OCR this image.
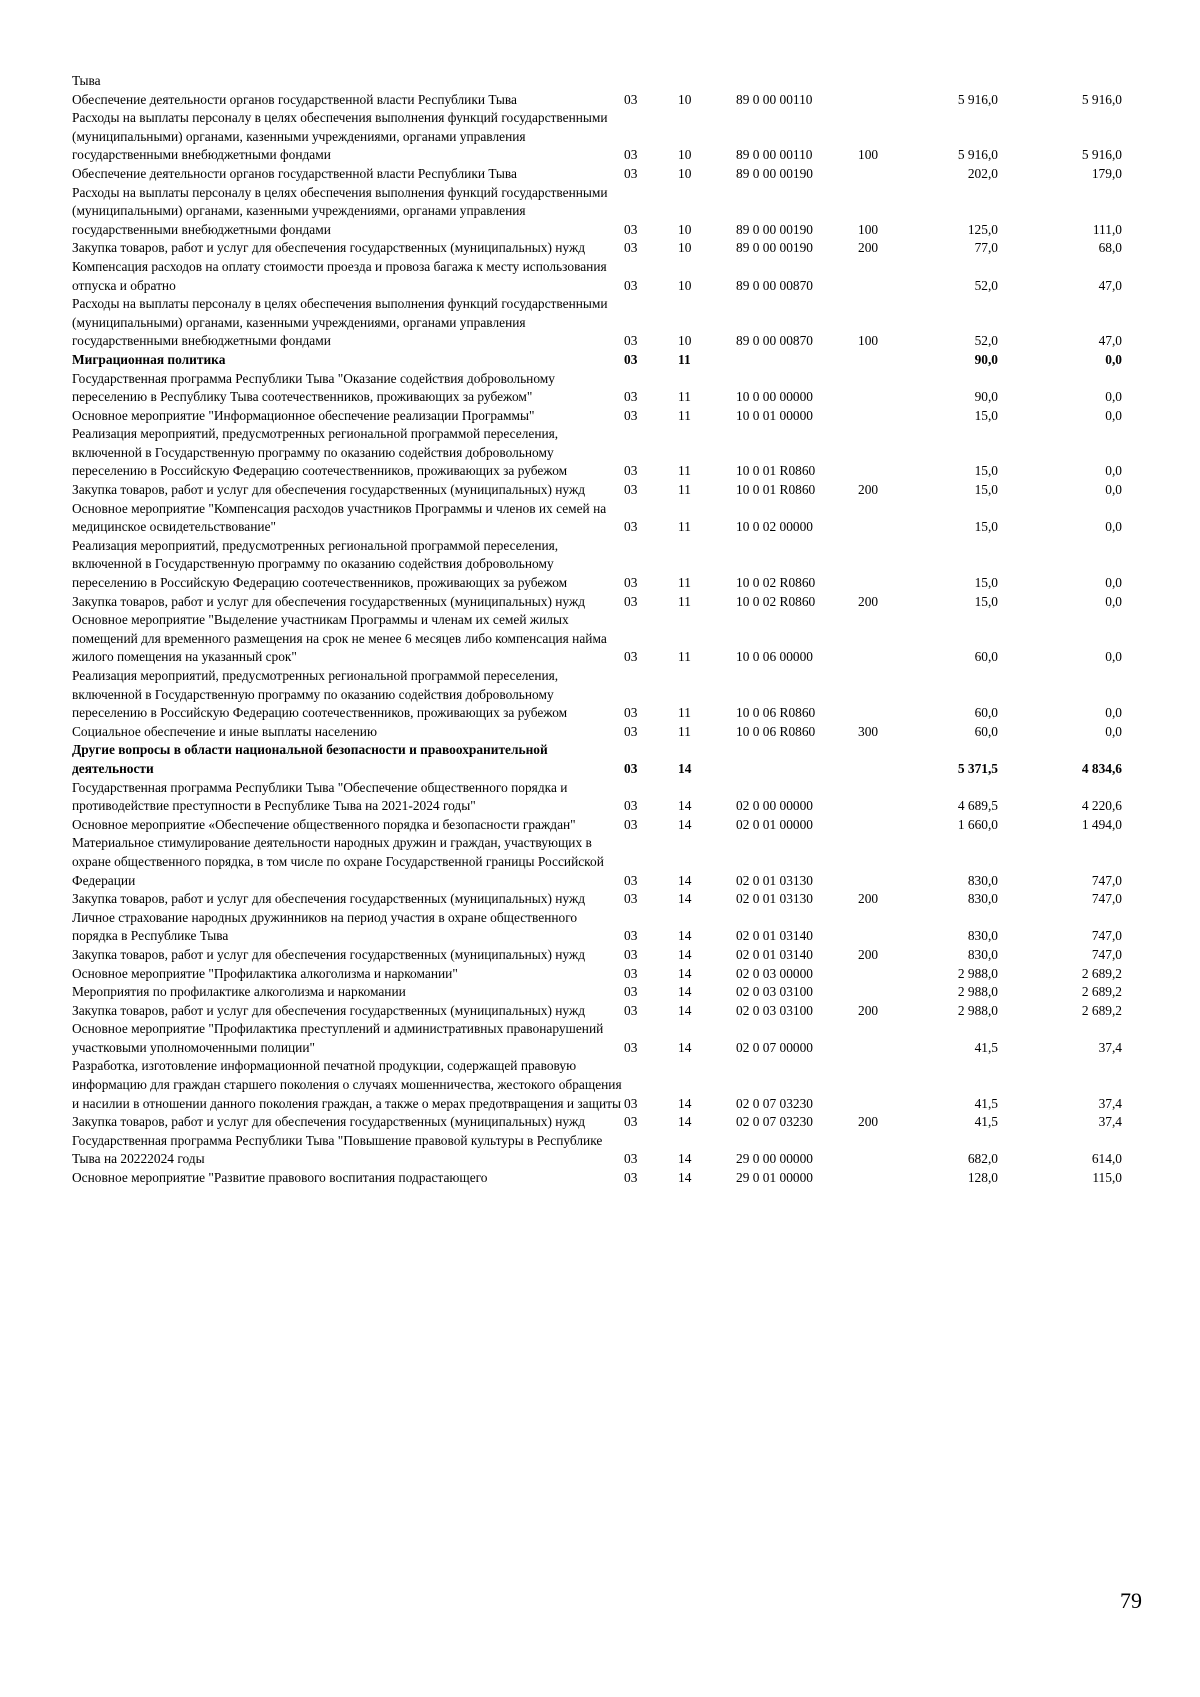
Тыва						
Обеспечение деятельности органов государственной власти Республики Тыва	03	10	89 0 00 00110		5 916,0	5 916,0
Расходы на выплаты персоналу в целях обеспечения выполнения функций государственными (муниципальными) органами, казенными учреждениями, органами управления государственными внебюджетными фондами	03	10	89 0 00 00110	100	5 916,0	5 916,0
Обеспечение деятельности органов государственной власти Республики Тыва	03	10	89 0 00 00190		202,0	179,0
Расходы на выплаты персоналу в целях обеспечения выполнения функций государственными (муниципальными) органами, казенными учреждениями, органами управления государственными внебюджетными фондами	03	10	89 0 00 00190	100	125,0	111,0
Закупка товаров, работ и услуг для обеспечения государственных (муниципальных) нужд	03	10	89 0 00 00190	200	77,0	68,0
Компенсация расходов на оплату стоимости проезда и провоза багажа к месту использования отпуска и обратно	03	10	89 0 00 00870		52,0	47,0
Расходы на выплаты персоналу в целях обеспечения выполнения функций государственными (муниципальными) органами, казенными учреждениями, органами управления государственными внебюджетными фондами	03	10	89 0 00 00870	100	52,0	47,0
Миграционная политика	03	11			90,0	0,0
Государственная программа Республики Тыва "Оказание содействия добровольному переселению в Республику Тыва соотечественников, проживающих за рубежом"	03	11	10 0 00 00000		90,0	0,0
Основное мероприятие "Информационное обеспечение реализации Программы"	03	11	10 0 01 00000		15,0	0,0
Реализация мероприятий, предусмотренных региональной программой переселения, включенной в Государственную программу по оказанию содействия добровольному переселению в Российскую Федерацию соотечественников, проживающих за рубежом	03	11	10 0 01 R0860		15,0	0,0
Закупка товаров, работ и услуг для обеспечения государственных (муниципальных) нужд	03	11	10 0 01 R0860	200	15,0	0,0
Основное мероприятие "Компенсация расходов участников Программы и членов их семей на медицинское освидетельствование"	03	11	10 0 02 00000		15,0	0,0
Реализация мероприятий, предусмотренных региональной программой переселения, включенной в Государственную программу по оказанию содействия добровольному переселению в Российскую Федерацию соотечественников, проживающих за рубежом	03	11	10 0 02 R0860		15,0	0,0
Закупка товаров, работ и услуг для обеспечения государственных (муниципальных) нужд	03	11	10 0 02 R0860	200	15,0	0,0
Основное мероприятие "Выделение участникам Программы и членам их семей жилых помещений для временного размещения на срок не менее 6 месяцев либо компенсация найма жилого помещения на указанный срок"	03	11	10 0 06 00000		60,0	0,0
Реализация мероприятий, предусмотренных региональной программой переселения, включенной в Государственную программу по оказанию содействия добровольному переселению в Российскую Федерацию соотечественников, проживающих за рубежом	03	11	10 0 06 R0860		60,0	0,0
Социальное обеспечение и иные выплаты населению	03	11	10 0 06 R0860	300	60,0	0,0
Другие вопросы в области национальной безопасности и правоохранительной деятельности	03	14			5 371,5	4 834,6
Государственная программа Республики Тыва "Обеспечение общественного порядка и противодействие преступности в Республике Тыва на 2021-2024 годы"	03	14	02 0 00 00000		4 689,5	4 220,6
Основное мероприятие «Обеспечение общественного порядка и безопасности граждан"	03	14	02 0 01 00000		1 660,0	1 494,0
Материальное стимулирование деятельности народных дружин и граждан, участвующих в охране общественного порядка, в том числе по охране Государственной границы Российской Федерации	03	14	02 0 01 03130		830,0	747,0
Закупка товаров, работ и услуг для обеспечения государственных (муниципальных) нужд	03	14	02 0 01 03130	200	830,0	747,0
Личное страхование народных дружинников на период участия в охране общественного порядка в Республике Тыва	03	14	02 0 01 03140		830,0	747,0
Закупка товаров, работ и услуг для обеспечения государственных (муниципальных) нужд	03	14	02 0 01 03140	200	830,0	747,0
Основное мероприятие "Профилактика алкоголизма и наркомании"	03	14	02 0 03 00000		2 988,0	2 689,2
Мероприятия по профилактике алкоголизма и наркомании	03	14	02 0 03 03100		2 988,0	2 689,2
Закупка товаров, работ и услуг для обеспечения государственных (муниципальных) нужд	03	14	02 0 03 03100	200	2 988,0	2 689,2
Основное мероприятие "Профилактика преступлений и административных правонарушений участковыми уполномоченными полиции"	03	14	02 0 07 00000		41,5	37,4
Разработка, изготовление информационной печатной продукции, содержащей правовую информацию для граждан старшего поколения о случаях мошенничества, жестокого обращения и насилии в отношении данного поколения граждан, а также о мерах предотвращения и защиты	03	14	02 0 07 03230		41,5	37,4
Закупка товаров, работ и услуг для обеспечения государственных (муниципальных) нужд	03	14	02 0 07 03230	200	41,5	37,4
Государственная программа Республики Тыва "Повышение правовой культуры в Республике Тыва на 20222024 годы	03	14	29 0 00 00000		682,0	614,0
Основное мероприятие "Развитие правового воспитания подрастающего	03	14	29 0 01 00000		128,0	115,0
79
